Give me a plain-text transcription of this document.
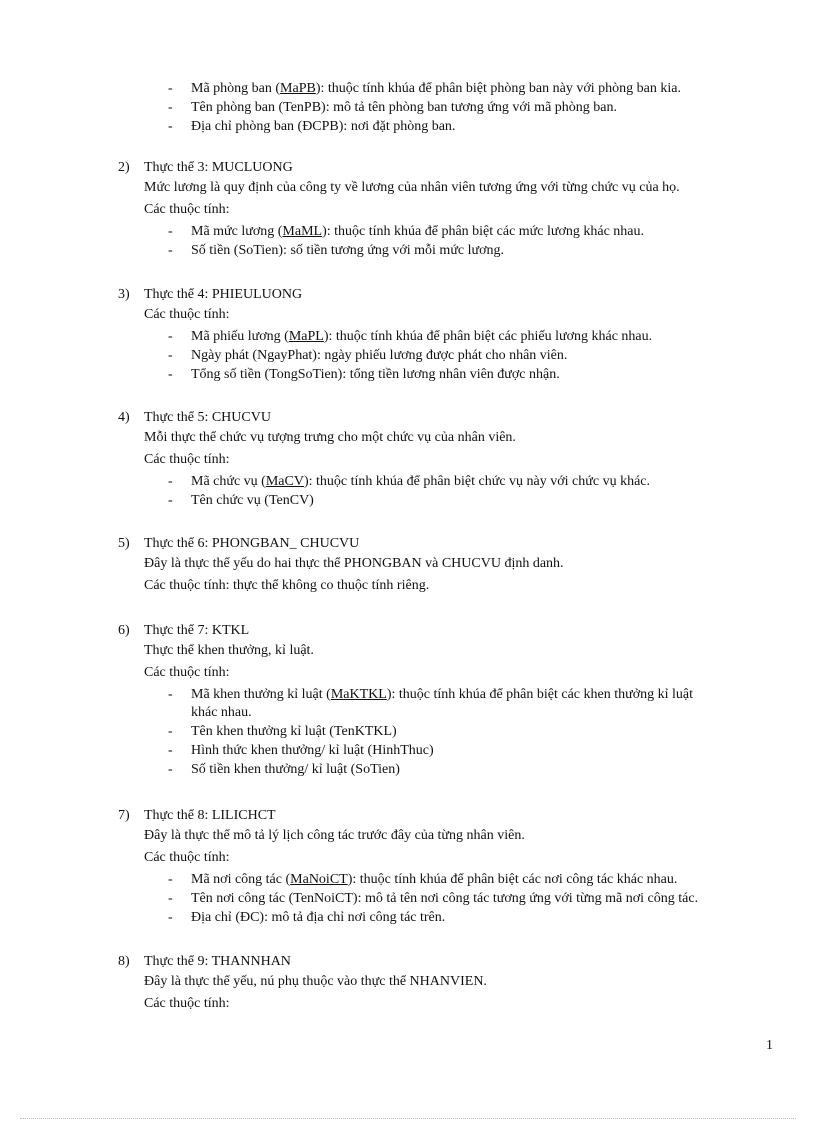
- Mã phòng ban (MaPB): thuộc tính khúa để phân biệt phòng ban này với phòng ban kia.
- Tên phòng ban (TenPB): mô tả tên phòng ban tương ứng với mã phòng ban.
- Địa chỉ phòng ban (ĐCPB): nơi đặt phòng ban.
2) Thực thể 3: MUCLUONG
Mức lương là quy định của công ty về lương của nhân viên tương ứng với từng chức vụ của họ.
Các thuộc tính:
- Mã mức lương (MaML): thuộc tính khúa để phân biệt các mức lương khác nhau.
- Số tiền (SoTien): số tiền tương ứng với mỗi mức lương.
3) Thực thể 4: PHIEULUONG
Các thuộc tính:
- Mã phiếu lương (MaPL): thuộc tính khúa để phân biệt các phiếu lương khác nhau.
- Ngày phát (NgayPhat): ngày phiếu lương được phát cho nhân viên.
- Tổng số tiền (TongSoTien): tổng tiền lương nhân viên được nhận.
4) Thực thể 5: CHUCVU
Mỗi thực thể chức vụ tượng trưng cho một chức vụ của nhân viên.
Các thuộc tính:
- Mã chức vụ (MaCV): thuộc tính khúa để phân biệt chức vụ này với chức vụ khác.
- Tên chức vụ (TenCV)
5) Thực thể 6: PHONGBAN_ CHUCVU
Đây là thực thể yếu do hai thực thể PHONGBAN và CHUCVU định danh.
Các thuộc tính: thực thể không co thuộc tính riêng.
6) Thực thể 7: KTKL
Thực thể khen thưởng, kỉ luật.
Các thuộc tính:
- Mã khen thưởng kỉ luật (MaKTKL): thuộc tính khúa để phân biệt các khen thưởng kỉ luật
khác nhau.
- Tên khen thưởng kỉ luật (TenKTKL)
- Hình thức khen thưởng/ kỉ luật (HinhThuc)
- Số tiền khen thưởng/ kỉ luật (SoTien)
7) Thực thể 8: LILICHCT
Đây là thực thể mô tả lý lịch công tác trước đây của từng nhân viên.
Các thuộc tính:
- Mã nơi công tác (MaNoiCT): thuộc tính khúa để phân biệt các nơi công tác khác nhau.
- Tên nơi công tác (TenNoiCT): mô tả tên nơi công tác tương ứng với từng mã nơi công tác.
- Địa chỉ (ĐC): mô tả địa chỉ nơi công tác trên.
8) Thực thể 9: THANNHAN
Đây là thực thể yếu, nú phụ thuộc vào thực thể NHANVIEN.
Các thuộc tính:
1
